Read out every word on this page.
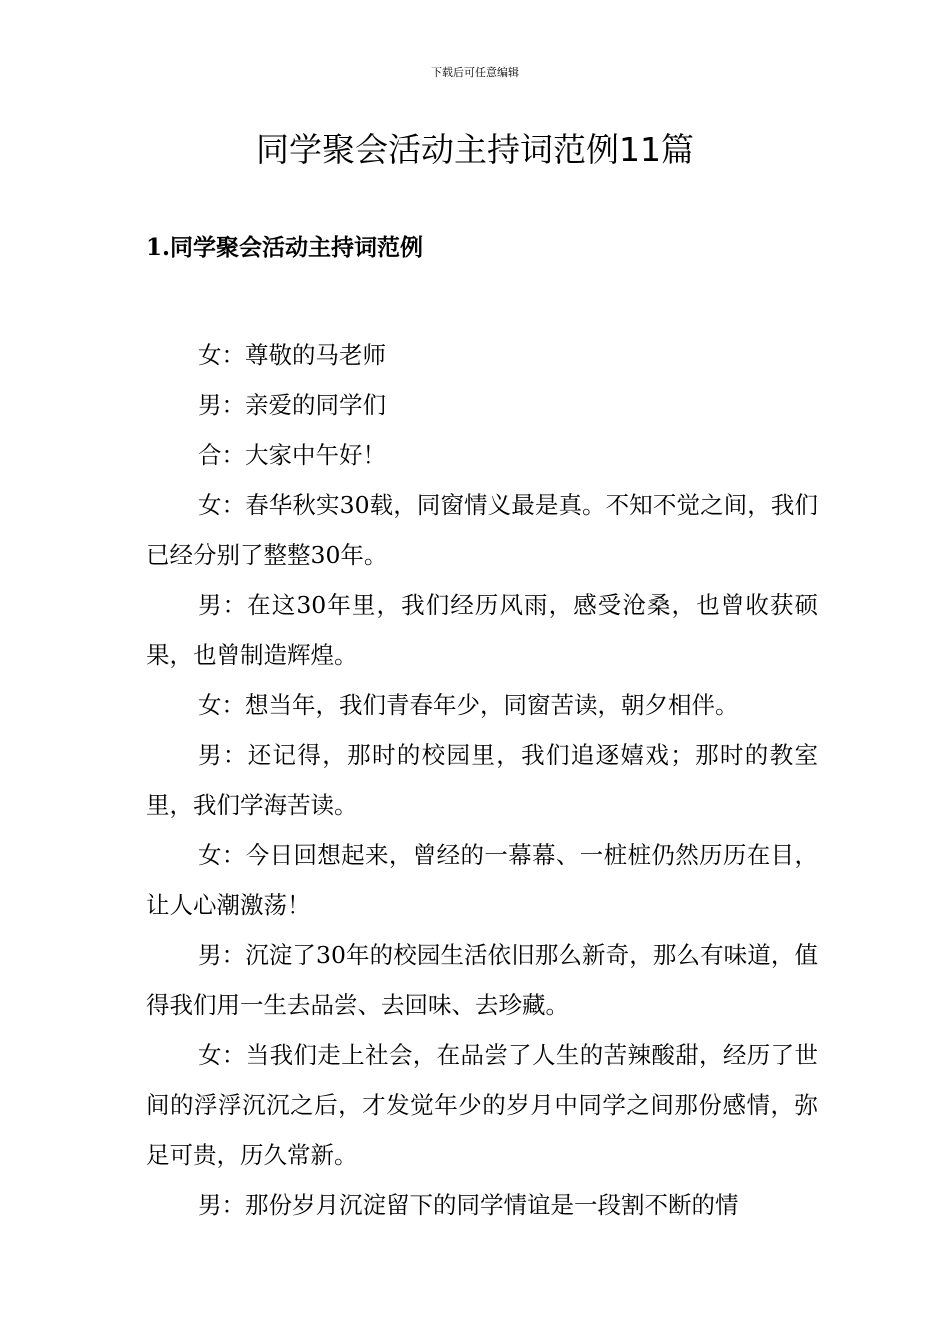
下载后可任意编辑
同学聚会活动主持词范例11篇
1.同学聚会活动主持词范例

女：尊敬的马老师

男：亲爱的同学们

合：大家中午好！

女：春华秋实30载，同窗情义最是真。不知不觉之间，我们已经分别了整整30年。

男：在这30年里，我们经历风雨，感受沧桑，也曾收获硕果，也曾制造辉煌。

女：想当年，我们青春年少，同窗苦读，朝夕相伴。

男：还记得，那时的校园里，我们追逐嬉戏；那时的教室里，我们学海苦读。

女：今日回想起来，曾经的一幕幕、一桩桩仍然历历在目，让人心潮激荡！

男：沉淀了30年的校园生活依旧那么新奇，那么有味道，值得我们用一生去品尝、去回味、去珍藏。

女：当我们走上社会，在品尝了人生的苦辣酸甜，经历了世间的浮浮沉沉之后，才发觉年少的岁月中同学之间那份感情，弥足可贵，历久常新。

男：那份岁月沉淀留下的同学情谊是一段割不断的情
